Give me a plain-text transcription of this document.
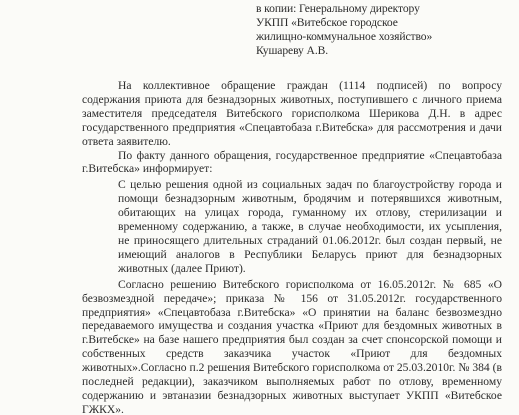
в копии: Генеральному директору
УКПП «Витебское городское
жилищно-коммунальное хозяйство»
Кушареву А.В.

На коллективное обращение граждан (1114 подписей) по вопросу содержания приюта для безнадзорных животных, поступившего с личного приема заместителя председателя Витебского горисполкома Шерикова Д.Н. в адрес государственного предприятия «Спецавтобаза г.Витебска» для рассмотрения и дачи ответа заявителю.

По факту данного обращения, государственное предприятие «Спецавтобаза г.Витебска» информирует:

С целью решения одной из социальных задач по благоустройству города и помощи безнадзорным животным, бродячим и потерявшихся животным, обитающих на улицах города, гуманному их отлову, стерилизации и временному содержанию, а также, в случае необходимости, их усыпления, не приносящего длительных страданий 01.06.2012г. был создан первый, не имеющий аналогов в Республики Беларусь приют для безнадзорных животных (далее Приют).

Согласно решению Витебского горисполкома от 16.05.2012г. № 685 «О безвозмездной передаче»; приказа № 156 от 31.05.2012г. государственного предприятия» «Спецавтобаза г.Витебска» «О принятии на баланс безвозмездно передаваемого имущества и создания участка «Приют для бездомных животных в г.Витебске» на базе нашего предприятия был создан за счет спонсорской помощи и собственных средств заказчика участок «Приют для бездомных животных».Согласно п.2 решения Витебского горисполкома от 25.03.2010г. № 384 (в последней редакции), заказчиком выполняемых работ по отлову, временному содержанию и эвтаназии безнадзорных животных выступает УКПП «Витебское ГЖКХ».
